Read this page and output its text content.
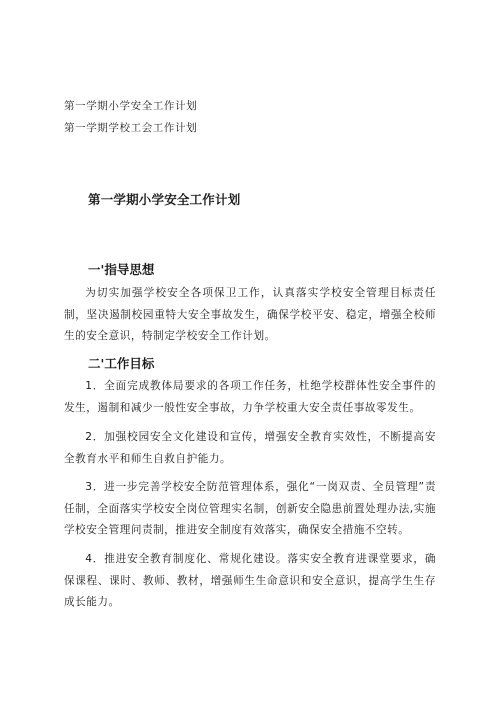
第一学期小学安全工作计划
第一学期学校工会工作计划
第一学期小学安全工作计划
一'指导思想

为切实加强学校安全各项保卫工作，认真落实学校安全管理目标责任制，坚决遏制校园重特大安全事故发生，确保学校平安、稳定，增强全校师生的安全意识，特制定学校安全工作计划。

二'工作目标

1．全面完成教体局要求的各项工作任务，杜绝学校群体性安全事件的发生，遏制和减少一般性安全事故，力争学校重大安全责任事故零发生。

2．加强校园安全文化建设和宣传，增强安全教育实效性，不断提高安全教育水平和师生自救自护能力。

3．进一步完善学校安全防范管理体系，强化“一岗双责、全员管理”责任制，全面落实学校安全岗位管理实名制，创新安全隐患前置处理办法,实施学校安全管理问责制，推进安全制度有效落实，确保安全措施不空转。

4．推进安全教育制度化、常规化建设。落实安全教育进课堂要求，确保课程、课时、教师、教材，增强师生生命意识和安全意识，提高学生生存成长能力。
